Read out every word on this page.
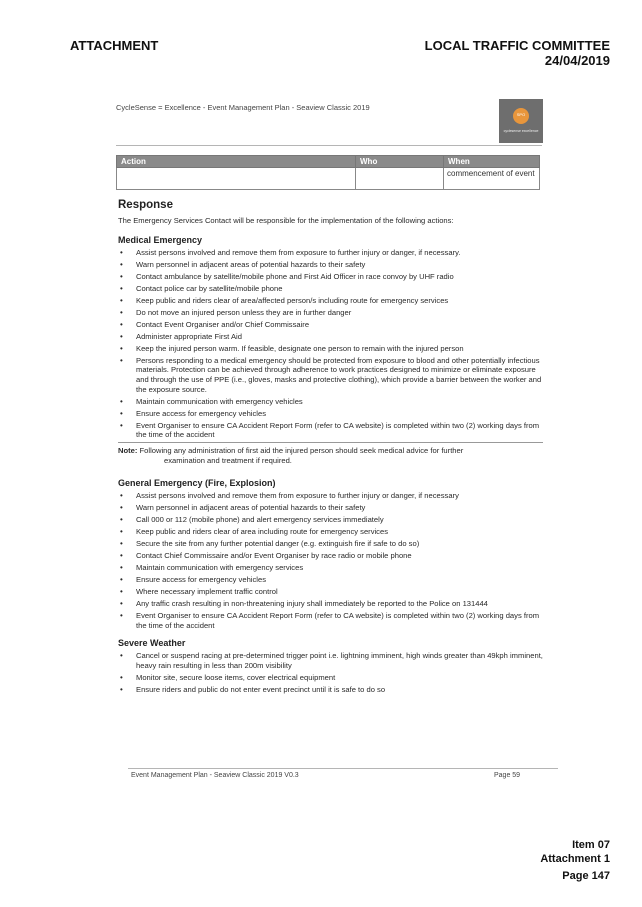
ATTACHMENT	LOCAL TRAFFIC COMMITTEE
24/04/2019
CycleSense = Excellence - Event Management Plan - Seaview Classic 2019
SPO
cyclesense excellence
Action	Who	When
		commencement of event
Response

The Emergency Services Contact will be responsible for the implementation of the following actions:

Medical Emergency
• Assist persons involved and remove them from exposure to further injury or danger, if necessary.
• Warn personnel in adjacent areas of potential hazards to their safety
• Contact ambulance by satellite/mobile phone and First Aid Officer in race convoy by UHF radio
• Contact police car by satellite/mobile phone
• Keep public and riders clear of area/affected person/s including route for emergency services
• Do not move an injured person unless they are in further danger
• Contact Event Organiser and/or Chief Commissaire
• Administer appropriate First Aid
• Keep the injured person warm. If feasible, designate one person to remain with the injured person
• Persons responding to a medical emergency should be protected from exposure to blood and other potentially infectious materials. Protection can be achieved through adherence to work practices designed to minimize or eliminate exposure and through the use of PPE (i.e., gloves, masks and protective clothing), which provide a barrier between the worker and the exposure source.
• Maintain communication with emergency vehicles
• Ensure access for emergency vehicles
• Event Organiser to ensure CA Accident Report Form (refer to CA website) is completed within two (2) working days from the time of the accident
Note: Following any administration of first aid the injured person should seek medical advice for further
examination and treatment if required.
General Emergency (Fire, Explosion)
• Assist persons involved and remove them from exposure to further injury or danger, if necessary
• Warn personnel in adjacent areas of potential hazards to their safety
• Call 000 or 112 (mobile phone) and alert emergency services immediately
• Keep public and riders clear of area including route for emergency services
• Secure the site from any further potential danger (e.g. extinguish fire if safe to do so)
• Contact Chief Commissaire and/or Event Organiser by race radio or mobile phone
• Maintain communication with emergency services
• Ensure access for emergency vehicles
• Where necessary implement traffic control
• Any traffic crash resulting in non-threatening injury shall immediately be reported to the Police on 131444
• Event Organiser to ensure CA Accident Report Form (refer to CA website) is completed within two (2) working days from the time of the accident
Severe Weather
• Cancel or suspend racing at pre-determined trigger point i.e. lightning imminent, high winds greater than 49kph imminent, heavy rain resulting in less than 200m visibility
• Monitor site, secure loose items, cover electrical equipment
• Ensure riders and public do not enter event precinct until it is safe to do so
Event Management Plan - Seaview Classic 2019 V0.3	Page 59
Item 07
Attachment 1
Page 147
